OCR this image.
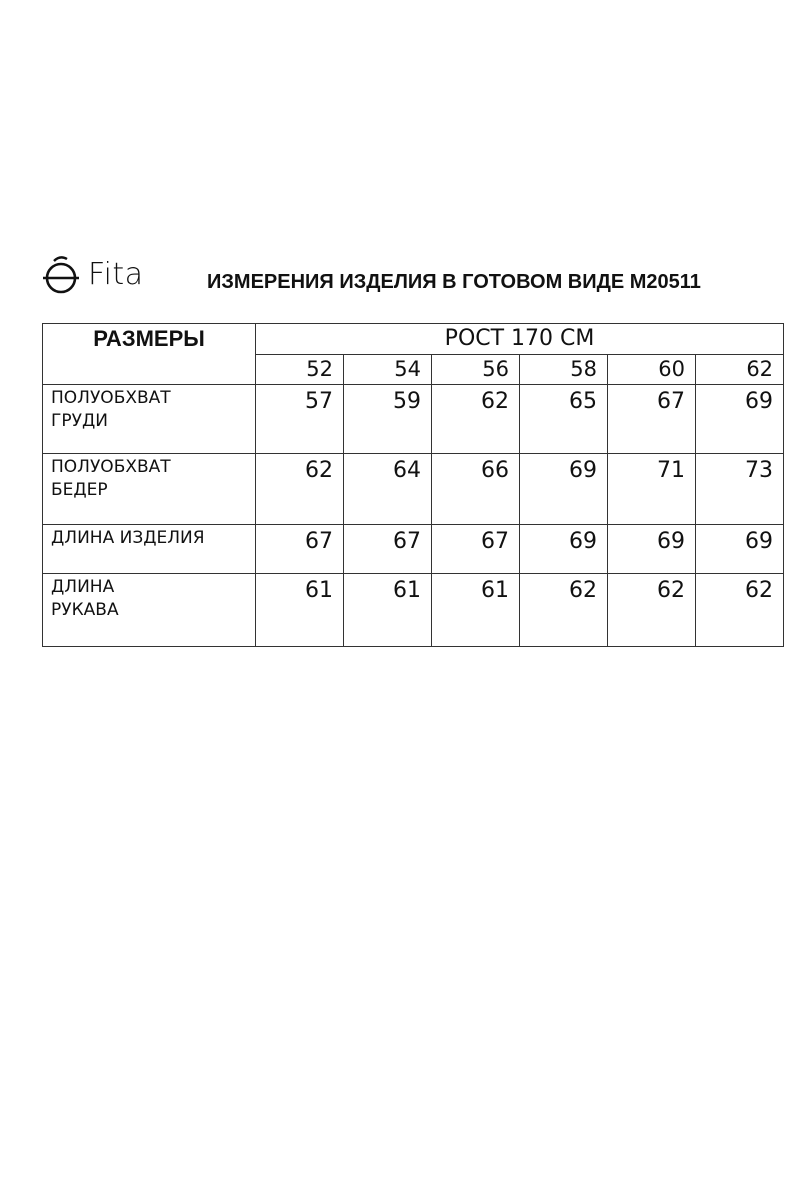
Fita	ИЗМЕРЕНИЯ ИЗДЕЛИЯ В ГОТОВОМ ВИДЕ М20511
РАЗМЕРЫ	РОСТ 170 СМ					
	52	54	56	58	60	62

ПОЛУОБХВАТ
ГРУДИ	57	59	62	65	67	69

ПОЛУОБХВАТ
БЕДЕР	62	64	66	69	71	73

ДЛИНА ИЗДЕЛИЯ	67	67	67	69	69	69

ДЛИНА
РУКАВА	61	61	61	62	62	62
